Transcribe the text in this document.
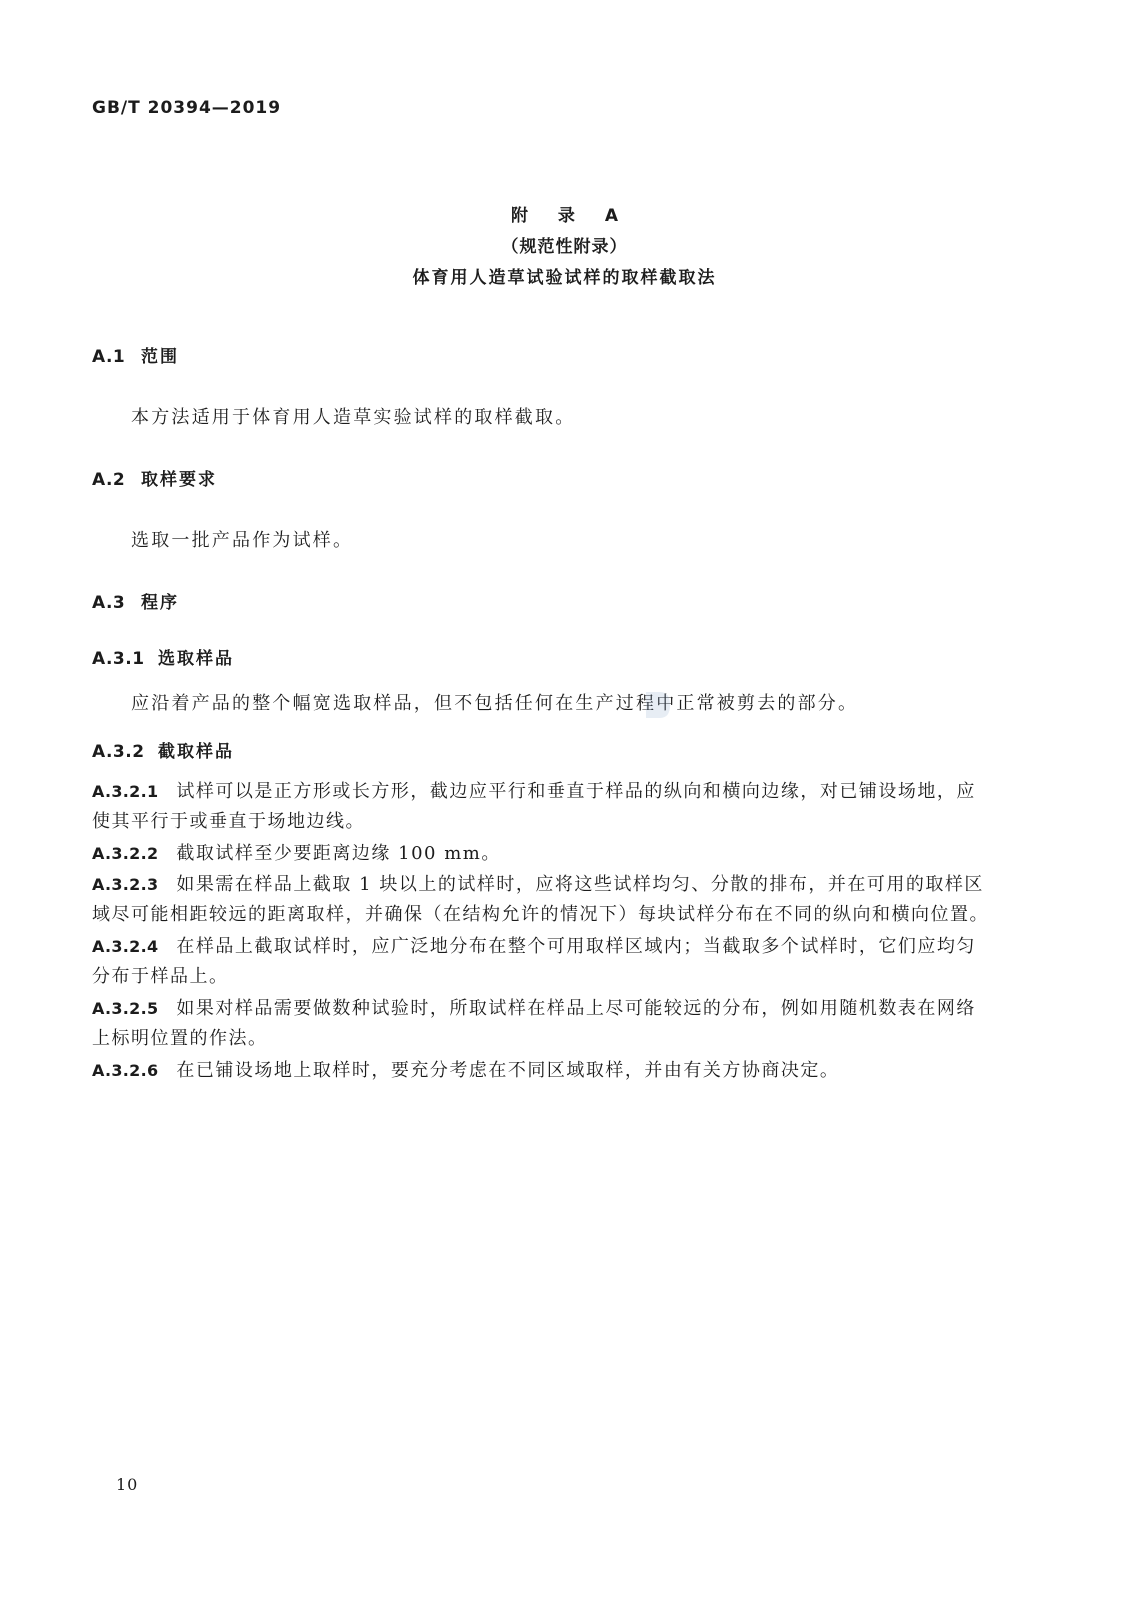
GB/T 20394—2019
附 录 A
（规范性附录）
体育用人造草试验试样的取样截取法
A.1 范围
本方法适用于体育用人造草实验试样的取样截取。
A.2 取样要求
选取一批产品作为试样。
A.3 程序
A.3.1 选取样品
应沿着产品的整个幅宽选取样品，但不包括任何在生产过程中正常被剪去的部分。
A.3.2 截取样品
A.3.2.1 试样可以是正方形或长方形，截边应平行和垂直于样品的纵向和横向边缘，对已铺设场地，应使其平行于或垂直于场地边线。
A.3.2.2 截取试样至少要距离边缘 100 mm。
A.3.2.3 如果需在样品上截取 1 块以上的试样时，应将这些试样均匀、分散的排布，并在可用的取样区域尽可能相距较远的距离取样，并确保（在结构允许的情况下）每块试样分布在不同的纵向和横向位置。
A.3.2.4 在样品上截取试样时，应广泛地分布在整个可用取样区域内；当截取多个试样时，它们应均匀分布于样品上。
A.3.2.5 如果对样品需要做数种试验时，所取试样在样品上尽可能较远的分布，例如用随机数表在网络上标明位置的作法。
A.3.2.6 在已铺设场地上取样时，要充分考虑在不同区域取样，并由有关方协商决定。
10
